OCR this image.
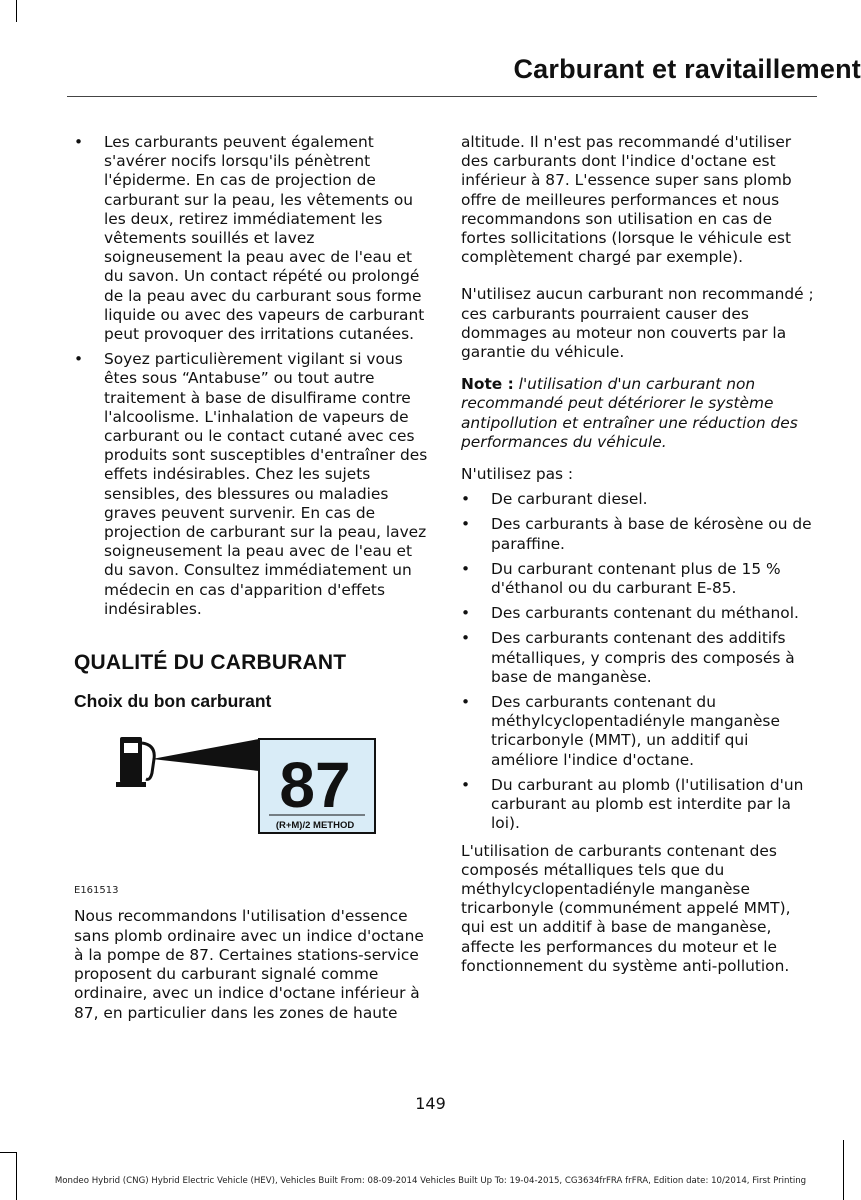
Carburant et ravitaillement
•	Les carburants peuvent également s'avérer nocifs lorsqu'ils pénètrent l'épiderme. En cas de projection de carburant sur la peau, les vêtements ou les deux, retirez immédiatement les vêtements souillés et lavez soigneusement la peau avec de l'eau et du savon. Un contact répété ou prolongé de la peau avec du carburant sous forme liquide ou avec des vapeurs de carburant peut provoquer des irritations cutanées.
•	Soyez particulièrement vigilant si vous êtes sous “Antabuse” ou tout autre traitement à base de disulfirame contre l'alcoolisme. L'inhalation de vapeurs de carburant ou le contact cutané avec ces produits sont susceptibles d'entraîner des effets indésirables. Chez les sujets sensibles, des blessures ou maladies graves peuvent survenir. En cas de projection de carburant sur la peau, lavez soigneusement la peau avec de l'eau et du savon. Consultez immédiatement un médecin en cas d'apparition d'effets indésirables.
QUALITÉ DU CARBURANT
Choix du bon carburant
87
(R+M)/2 METHOD
E161513

Nous recommandons l'utilisation d'essence sans plomb ordinaire avec un indice d'octane à la pompe de 87. Certaines stations-service proposent du carburant signalé comme ordinaire, avec un indice d'octane inférieur à 87, en particulier dans les zones de haute

altitude. Il n'est pas recommandé d'utiliser des carburants dont l'indice d'octane est inférieur à 87. L'essence super sans plomb offre de meilleures performances et nous recommandons son utilisation en cas de fortes sollicitations (lorsque le véhicule est complètement chargé par exemple).

N'utilisez aucun carburant non recommandé ; ces carburants pourraient causer des dommages au moteur non couverts par la garantie du véhicule.

Note : l'utilisation d'un carburant non recommandé peut détériorer le système antipollution et entraîner une réduction des performances du véhicule.

N'utilisez pas :

•	De carburant diesel.
•	Des carburants à base de kérosène ou de paraffine.
•	Du carburant contenant plus de 15 % d'éthanol ou du carburant E-85.
•	Des carburants contenant du méthanol.
•	Des carburants contenant des additifs métalliques, y compris des composés à base de manganèse.
•	Des carburants contenant du méthylcyclopentadiényle manganèse tricarbonyle (MMT), un additif qui améliore l'indice d'octane.
•	Du carburant au plomb (l'utilisation d'un carburant au plomb est interdite par la loi).

L'utilisation de carburants contenant des composés métalliques tels que du méthylcyclopentadiényle manganèse tricarbonyle (communément appelé MMT), qui est un additif à base de manganèse, affecte les performances du moteur et le fonctionnement du système anti-pollution.

149
Mondeo Hybrid (CNG) Hybrid Electric Vehicle (HEV), Vehicles Built From: 08-09-2014 Vehicles Built Up To: 19-04-2015, CG3634frFRA frFRA, Edition date: 10/2014, First Printing
